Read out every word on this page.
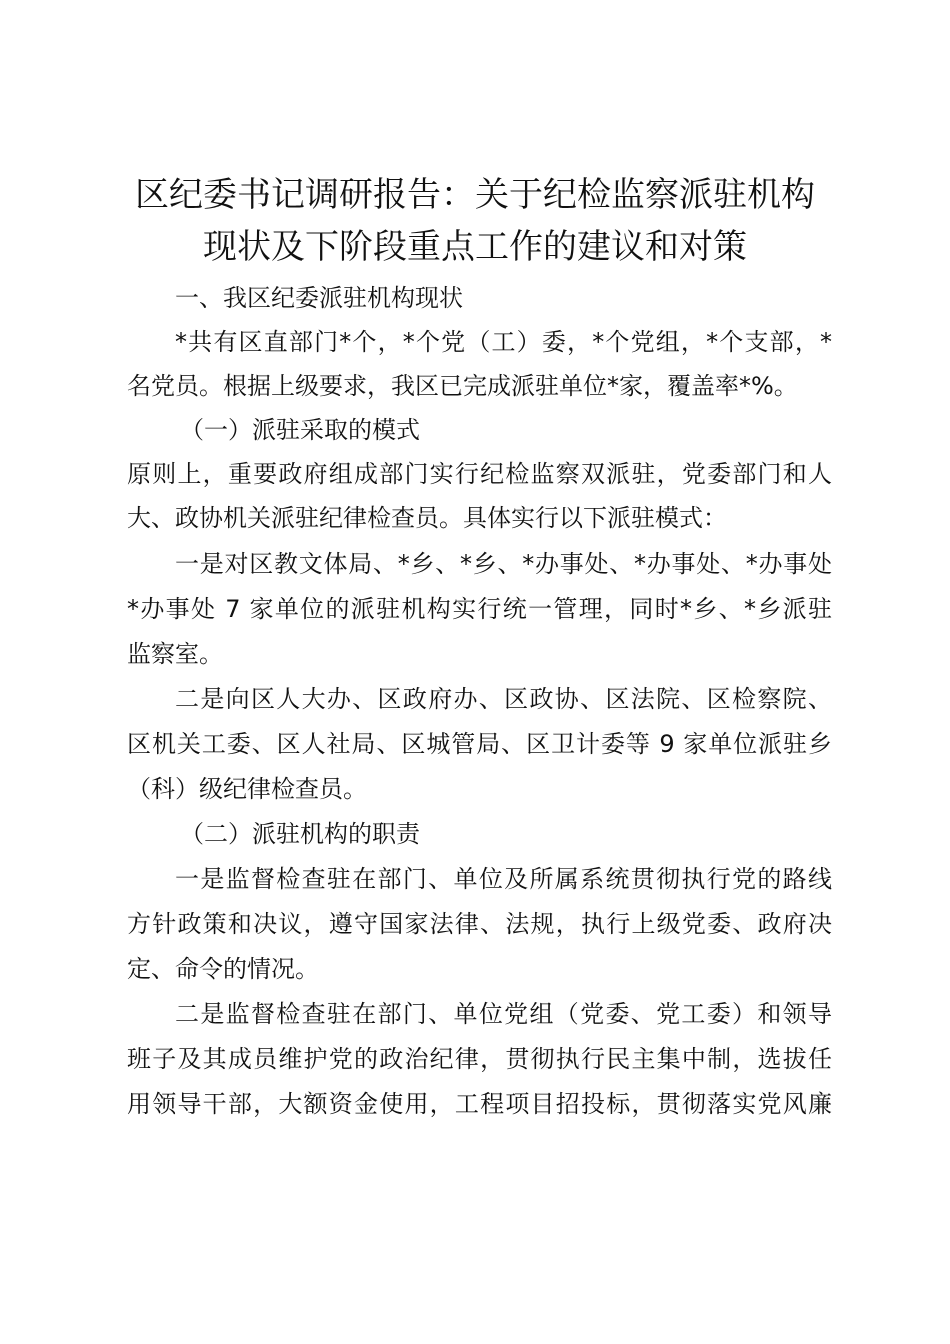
区纪委书记调研报告：关于纪检监察派驻机构
现状及下阶段重点工作的建议和对策

一、我区纪委派驻机构现状

*共有区直部门*个，*个党（工）委，*个党组，*个支部，*

名党员。根据上级要求，我区已完成派驻单位*家，覆盖率*%。

（一）派驻采取的模式

原则上，重要政府组成部门实行纪检监察双派驻，党委部门和人

大、政协机关派驻纪律检查员。具体实行以下派驻模式：

一是对区教文体局、*乡、*乡、*办事处、*办事处、*办事处

*办事处 7 家单位的派驻机构实行统一管理，同时*乡、*乡派驻

监察室。

二是向区人大办、区政府办、区政协、区法院、区检察院、

区机关工委、区人社局、区城管局、区卫计委等 9 家单位派驻乡

（科）级纪律检查员。

（二）派驻机构的职责

一是监督检查驻在部门、单位及所属系统贯彻执行党的路线

方针政策和决议，遵守国家法律、法规，执行上级党委、政府决

定、命令的情况。

二是监督检查驻在部门、单位党组（党委、党工委）和领导

班子及其成员维护党的政治纪律，贯彻执行民主集中制，选拔任

用领导干部，大额资金使用，工程项目招投标，贯彻落实党风廉
